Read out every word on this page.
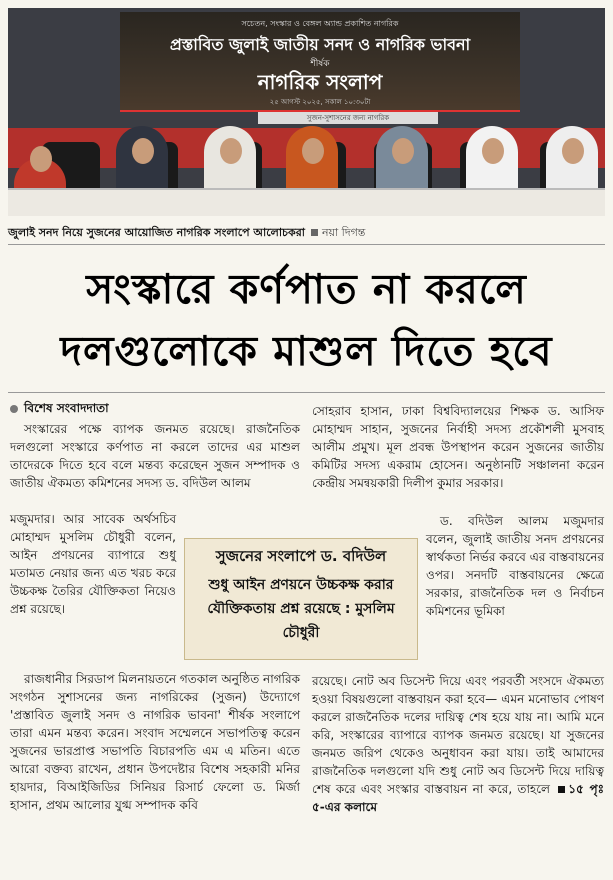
সচেতন, সংস্কার ও বেঙ্গল অ্যান্ড প্রকাশিত নাগরিক
প্রস্তাবিত জুলাই জাতীয় সনদ ও নাগরিক ভাবনা
শীর্ষক
নাগরিক সংলাপ
২৫ আগস্ট ২০২৫, সকাল ১০:৩০টা
সুজন-সুশাসনের জন্য নাগরিক
জুলাই সনদ নিয়ে সুজনের আয়োজিত নাগরিক সংলাপে আলোচকরা নয়া দিগন্ত
সংস্কারে কর্ণপাত না করলে
দলগুলোকে মাশুল দিতে হবে
বিশেষ সংবাদদাতা

সংস্কারের পক্ষে ব্যাপক জনমত রয়েছে। রাজনৈতিক দলগুলো সংস্কারে কর্ণপাত না করলে তাদের এর মাশুল তাদেরকে দিতে হবে বলে মন্তব্য করেছেন সুজন সম্পাদক ও জাতীয় ঐকমত্য কমিশনের সদস্য ড. বদিউল আলম

মজুমদার। আর সাবেক অর্থসচিব মোহাম্মদ মুসলিম চৌধুরী বলেন, আইন প্রণয়নের ব্যাপারে শুধু মতামত নেয়ার জন্য এত খরচ করে উচ্চকক্ষ তৈরির যৌক্তিকতা নিয়েও প্রশ্ন রয়েছে।

রাজধানীর সিরডাপ মিলনায়তনে গতকাল অনুষ্ঠিত নাগরিক সংগঠন সুশাসনের জন্য নাগরিকের (সুজন) উদ্যোগে 'প্রস্তাবিত জুলাই সনদ ও নাগরিক ভাবনা' শীর্ষক সংলাপে তারা এমন মন্তব্য করেন। সংবাদ সম্মেলনে সভাপতিত্ব করেন সুজনের ভারপ্রাপ্ত সভাপতি বিচারপতি এম এ মতিন। এতে আরো বক্তব্য রাখেন, প্রধান উপদেষ্টার বিশেষ সহকারী মনির হায়দার, বিআইজিডির সিনিয়র রিসার্চ ফেলো ড. মির্জা হাসান, প্রথম আলোর যুগ্ম সম্পাদক কবি

সোহরাব হাসান, ঢাকা বিশ্ববিদ্যালয়ের শিক্ষক ড. আসিফ মোহাম্মদ সাহান, সুজনের নির্বাহী সদস্য প্রকৌশলী মুসবাহ আলীম প্রমুখ। মূল প্রবন্ধ উপস্থাপন করেন সুজনের জাতীয় কমিটির সদস্য একরাম হোসেন। অনুষ্ঠানটি সঞ্চালনা করেন কেন্দ্রীয় সমন্বয়কারী দিলীপ কুমার সরকার।

ড. বদিউল আলম মজুমদার বলেন, জুলাই জাতীয় সনদ প্রণয়নের স্বার্থকতা নির্ভর করবে এর বাস্তবায়নের ওপর। সনদটি বাস্তবায়নের ক্ষেত্রে সরকার, রাজনৈতিক দল ও নির্বাচন কমিশনের ভূমিকা

রয়েছে। নোট অব ডিসেন্ট দিয়ে এবং পরবর্তী সংসদে ঐকমত্য হওয়া বিষয়গুলো বাস্তবায়ন করা হবে— এমন মনোভাব পোষণ করলে রাজনৈতিক দলের দায়িত্ব শেষ হয়ে যায় না। আমি মনে করি, সংস্কারের ব্যাপারে ব্যাপক জনমত রয়েছে। যা সুজনের জনমত জরিপ থেকেও অনুধাবন করা যায়। তাই আমাদের রাজনৈতিক দলগুলো যদি শুধু নোট অব ডিসেন্ট দিয়ে দায়িত্ব শেষ করে এবং সংস্কার বাস্তবায়ন না করে, তাহলে ১৫ পৃঃ ৫-এর কলামে

সুজনের সংলাপে ড. বদিউল
শুধু আইন প্রণয়নে উচ্চকক্ষ করার যৌক্তিকতায় প্রশ্ন রয়েছে : মুসলিম চৌধুরী
